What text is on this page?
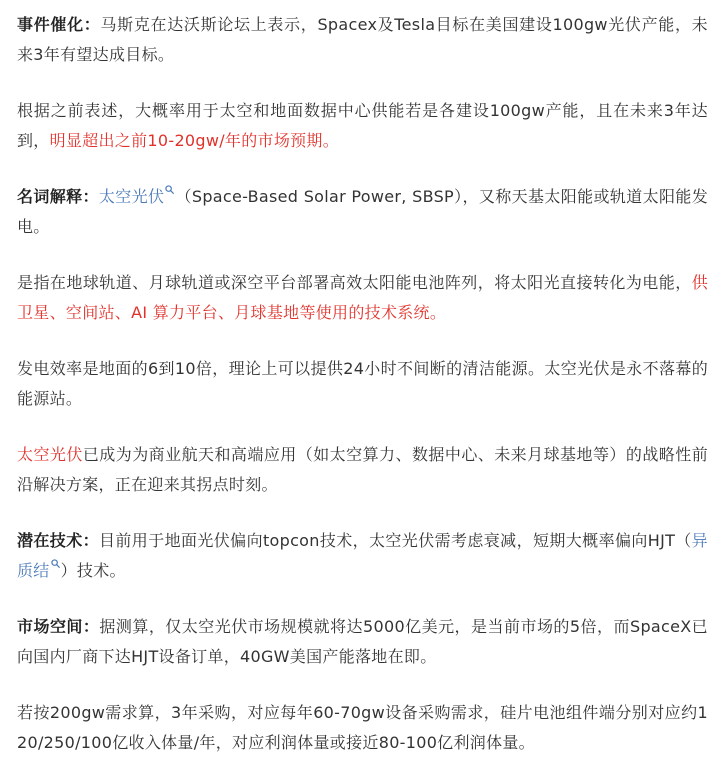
事件催化：马斯克在达沃斯论坛上表示，Spacex及Tesla目标在美国建设100gw光伏产能，未来3年有望达成目标。

根据之前表述，大概率用于太空和地面数据中心供能若是各建设100gw产能，且在未来3年达到，明显超出之前10-20gw/年的市场预期。

名词解释：太空光伏 （Space-Based Solar Power, SBSP），又称天基太阳能或轨道太阳能发电。

是指在地球轨道、月球轨道或深空平台部署高效太阳能电池阵列，将太阳光直接转化为电能，供卫星、空间站、AI 算力平台、月球基地等使用的技术系统。

发电效率是地面的6到10倍，理论上可以提供24小时不间断的清洁能源。太空光伏是永不落幕的能源站。

太空光伏已成为为商业航天和高端应用（如太空算力、数据中心、未来月球基地等）的战略性前沿解决方案，正在迎来其拐点时刻。

潜在技术：目前用于地面光伏偏向topcon技术，太空光伏需考虑衰减，短期大概率偏向HJT（异质结 ）技术。

市场空间：据测算，仅太空光伏市场规模就将达5000亿美元，是当前市场的5倍，而SpaceX已向国内厂商下达HJT设备订单，40GW美国产能落地在即。

若按200gw需求算，3年采购，对应每年60-70gw设备采购需求，硅片电池组件端分别对应约120/250/100亿收入体量/年，对应利润体量或接近80-100亿利润体量。
